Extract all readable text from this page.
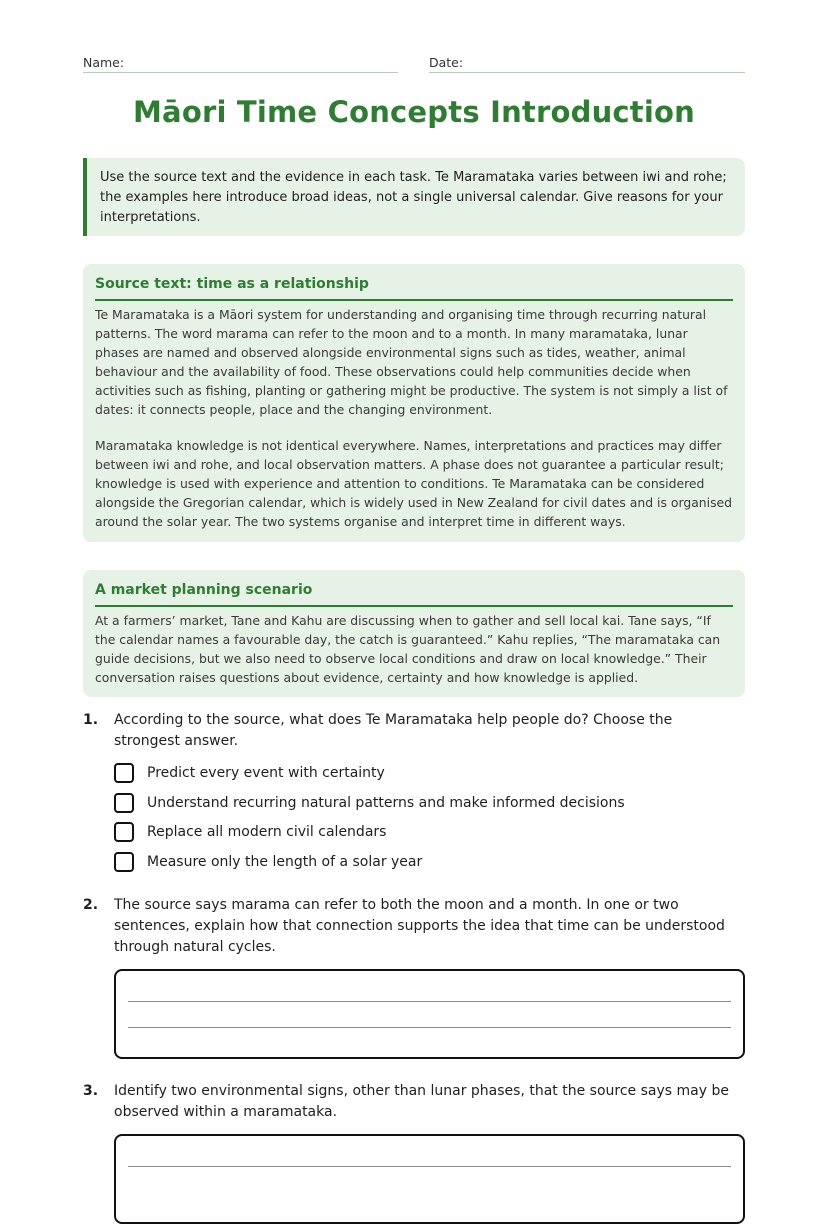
Name:	Date:
Māori Time Concepts Introduction
Use the source text and the evidence in each task. Te Maramataka varies between iwi and rohe; the examples here introduce broad ideas, not a single universal calendar. Give reasons for your interpretations.
Source text: time as a relationship

Te Maramataka is a Māori system for understanding and organising time through recurring natural patterns. The word marama can refer to the moon and to a month. In many maramataka, lunar phases are named and observed alongside environmental signs such as tides, weather, animal behaviour and the availability of food. These observations could help communities decide when activities such as fishing, planting or gathering might be productive. The system is not simply a list of dates: it connects people, place and the changing environment.

Maramataka knowledge is not identical everywhere. Names, interpretations and practices may differ between iwi and rohe, and local observation matters. A phase does not guarantee a particular result; knowledge is used with experience and attention to conditions. Te Maramataka can be considered alongside the Gregorian calendar, which is widely used in New Zealand for civil dates and is organised around the solar year. The two systems organise and interpret time in different ways.

A market planning scenario

At a farmers’ market, Tane and Kahu are discussing when to gather and sell local kai. Tane says, “If the calendar names a favourable day, the catch is guaranteed.” Kahu replies, “The maramataka can guide decisions, but we also need to observe local conditions and draw on local knowledge.” Their conversation raises questions about evidence, certainty and how knowledge is applied.

1. According to the source, what does Te Maramataka help people do? Choose the strongest answer.
Predict every event with certainty
Understand recurring natural patterns and make informed decisions
Replace all modern civil calendars
Measure only the length of a solar year
2. The source says marama can refer to both the moon and a month. In one or two sentences, explain how that connection supports the idea that time can be understood through natural cycles.
3. Identify two environmental signs, other than lunar phases, that the source says may be observed within a maramataka.
